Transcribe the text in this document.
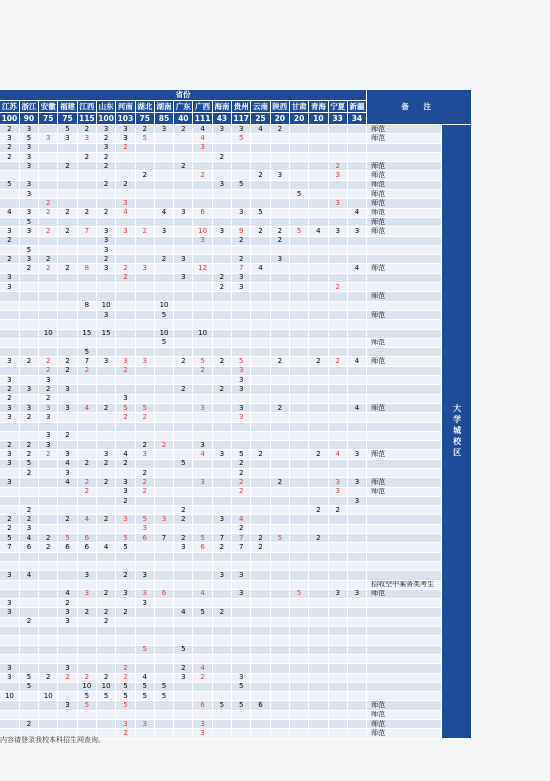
省份																			备 注	
江苏	浙江	安徽	福建	江西	山东	河南	湖北	湖南	广东	广西	海南	贵州	云南	陕西	甘肃	青海	宁夏	新疆		
100	90	75	75	115	100	103	75	85	40	111	43	117	25	20	20	10	33	34		
2	3		5	2	3	3	2	3	2	4	3	3	4	2					师范	大学城校区
3	5	3	3	3	2	3	5			4		5							师范	
2	3				3	2				3										
2	3			2	2						2									
	3		2		2				2								2		师范	
							2			2			2	3			3		师范	
5	3				2	2					3	5							师范	
	3														5				师范	
		2				3											3		师范	
4	3	2	2	2	2	4		4	3	6		3	5					4	师范	
	5																		师范	
3	3	2	2	7	3	3	2	3		10	3	9	2	2	5	4	3	3	师范	
2					3					3		2		2						
	5				3															
2	3	2			2			2	3			2		3						
	2	2	2	8	3	2	3			12		7	4					4	师范	
3						2			3		2	3								
3											2	3					2			
																			师范	
				8	10			10												
					3			5											师范	

		10		15	15			10		10										
								5											师范	
				5																
3	2	2	2	7	3	3	3		2	5	2	5		2		2	2	4	师范	
		2	2	2		2				2		3								
3		3										3								
2	3	2	3						2		2	3								
2		2				3														
3	3	3	3	4	2	5	5			3		3		2				4	师范	
3	2	3				2	2					3								

		3	2																	
2	2	3					2	2		3										
3	2	2	3		3	4	3			4	3	5	2			2	4	3	师范	
3	5		4	2	2	2			5			2								
	2		3				2					2								
3			4	2	2	3	2			3		2		2			3	3	师范	
				2		3	2					2					3		师范	
						2												3		
	2								2							2	2			
2	2		2	4	2	3	5	3	2		3	4								
2	3						3					2								
5	4	2	5	6		5	6	7	2	5	7	7	2	5		2				
7	6	2	6	6	4	5			3	6	2	7	2							

3	4			3		2	3				3	3								
																			招收空中乘务类考生	
			4	3	2	3	3	6		4		3			5		3	3	师范	
3			2				3													
3			3	2	2	2			4	5	2									
	2		3		2															

							5		5											

3			3			2			2	4										
3	5	2	2	2	2	2	4		3	2		3								
	5			10	10	5	5	5				5								
10		10		5	5	5	5	5												
			3	5		5				6	5	5	6						师范	
																			师范	
	2					3	3			3									师范	
						2				3									师范	
内容请登录我校本科招生网查询。
